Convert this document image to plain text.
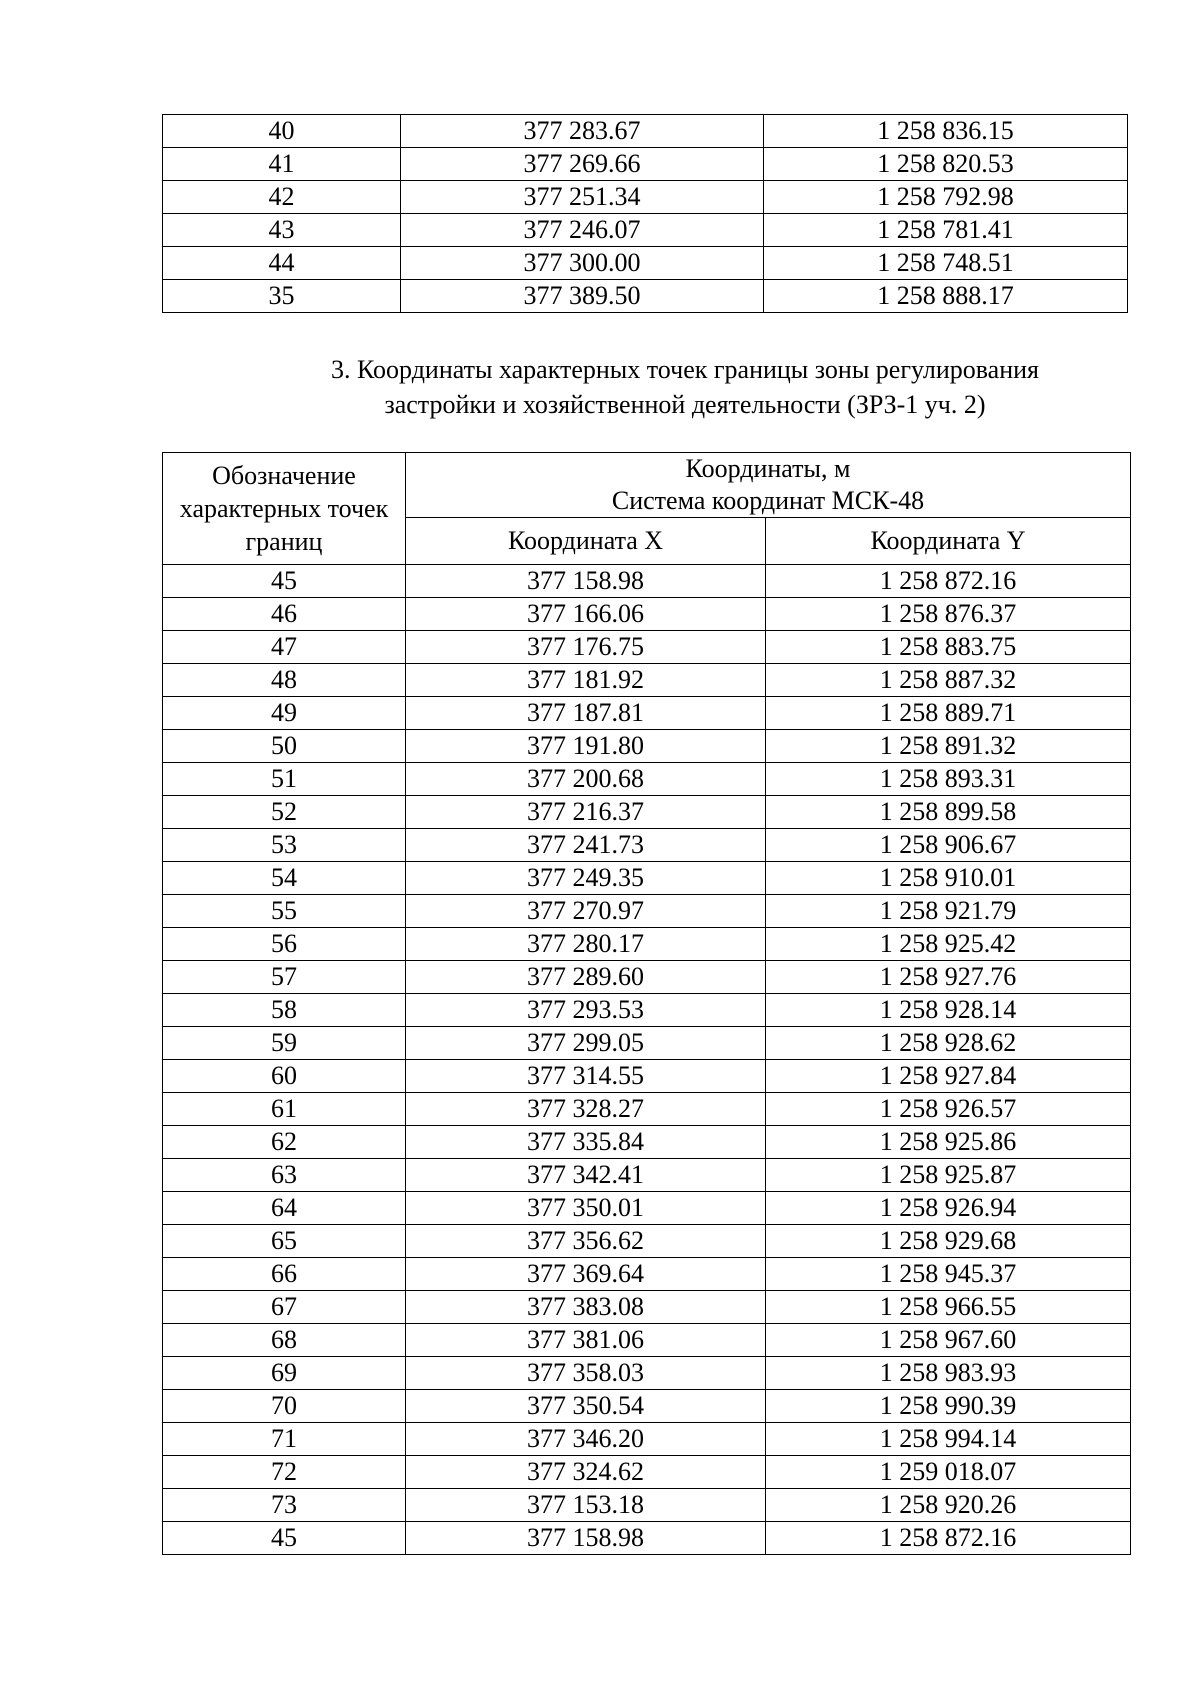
40	377 283.67	1 258 836.15
41	377 269.66	1 258 820.53
42	377 251.34	1 258 792.98
43	377 246.07	1 258 781.41
44	377 300.00	1 258 748.51
35	377 389.50	1 258 888.17
3. Координаты характерных точек границы зоны регулирования
застройки и хозяйственной деятельности (ЗРЗ-1 уч. 2)
Обозначение характерных точек границ	Координаты, м
Система координат МСК-48	

	Координата X	Координата Y
45	377 158.98	1 258 872.16
46	377 166.06	1 258 876.37
47	377 176.75	1 258 883.75
48	377 181.92	1 258 887.32
49	377 187.81	1 258 889.71
50	377 191.80	1 258 891.32
51	377 200.68	1 258 893.31
52	377 216.37	1 258 899.58
53	377 241.73	1 258 906.67
54	377 249.35	1 258 910.01
55	377 270.97	1 258 921.79
56	377 280.17	1 258 925.42
57	377 289.60	1 258 927.76
58	377 293.53	1 258 928.14
59	377 299.05	1 258 928.62
60	377 314.55	1 258 927.84
61	377 328.27	1 258 926.57
62	377 335.84	1 258 925.86
63	377 342.41	1 258 925.87
64	377 350.01	1 258 926.94
65	377 356.62	1 258 929.68
66	377 369.64	1 258 945.37
67	377 383.08	1 258 966.55
68	377 381.06	1 258 967.60
69	377 358.03	1 258 983.93
70	377 350.54	1 258 990.39
71	377 346.20	1 258 994.14
72	377 324.62	1 259 018.07
73	377 153.18	1 258 920.26
45	377 158.98	1 258 872.16
